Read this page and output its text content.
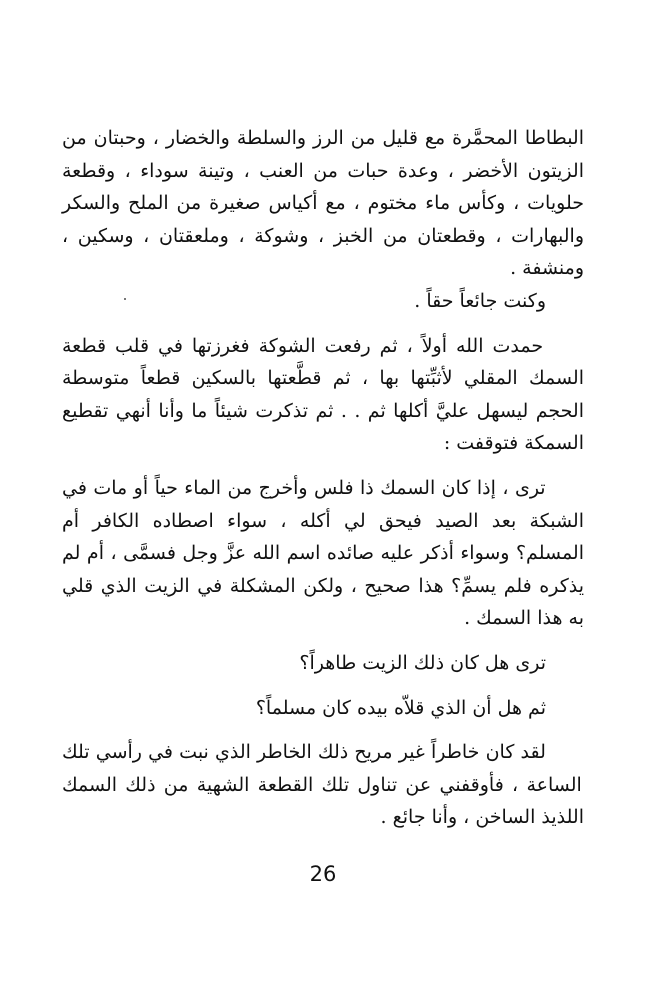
البطاطا المحمَّرة مع قليل من الرز والسلطة والخضار ، وحبتان من الزيتون الأخضر ، وعدة حبات من العنب ، وتينة سوداء ، وقطعة حلويات ، وكأس ماء مختوم ، مع أكياس صغيرة من الملح والسكر والبهارات ، وقطعتان من الخبز ، وشوكة ، وملعقتان ، وسكين ، ومنشفة .

وكنت جائعاً حقاً .

حمدت الله أولاً ، ثم رفعت الشوكة فغرزتها في قلب قطعة السمك المقلي لأثبِّتها بها ، ثم قطَّعتها بالسكين قطعاً متوسطة الحجم ليسهل عليَّ أكلها ثم . . ثم تذكرت شيئاً ما وأنا أنهي تقطيع السمكة فتوقفت :

ترى ، إذا كان السمك ذا فلس وأخرج من الماء حياً أو مات في الشبكة بعد الصيد فيحق لي أكله ، سواء اصطاده الكافر أم المسلم؟ وسواء أذكر عليه صائده اسم الله عزَّ وجل فسمَّى ، أم لم يذكره فلم يسمِّ؟ هذا صحيح ، ولكن المشكلة في الزيت الذي قلي به هذا السمك .

ترى هل كان ذلك الزيت طاهراً؟

ثم هل أن الذي قلاّه بيده كان مسلماً؟

لقد كان خاطراً غير مريح ذلك الخاطر الذي نبت في رأسي تلك الساعة ، فأوقفني عن تناول تلك القطعة الشهية من ذلك السمك اللذيذ الساخن ، وأنا جائع .

26
